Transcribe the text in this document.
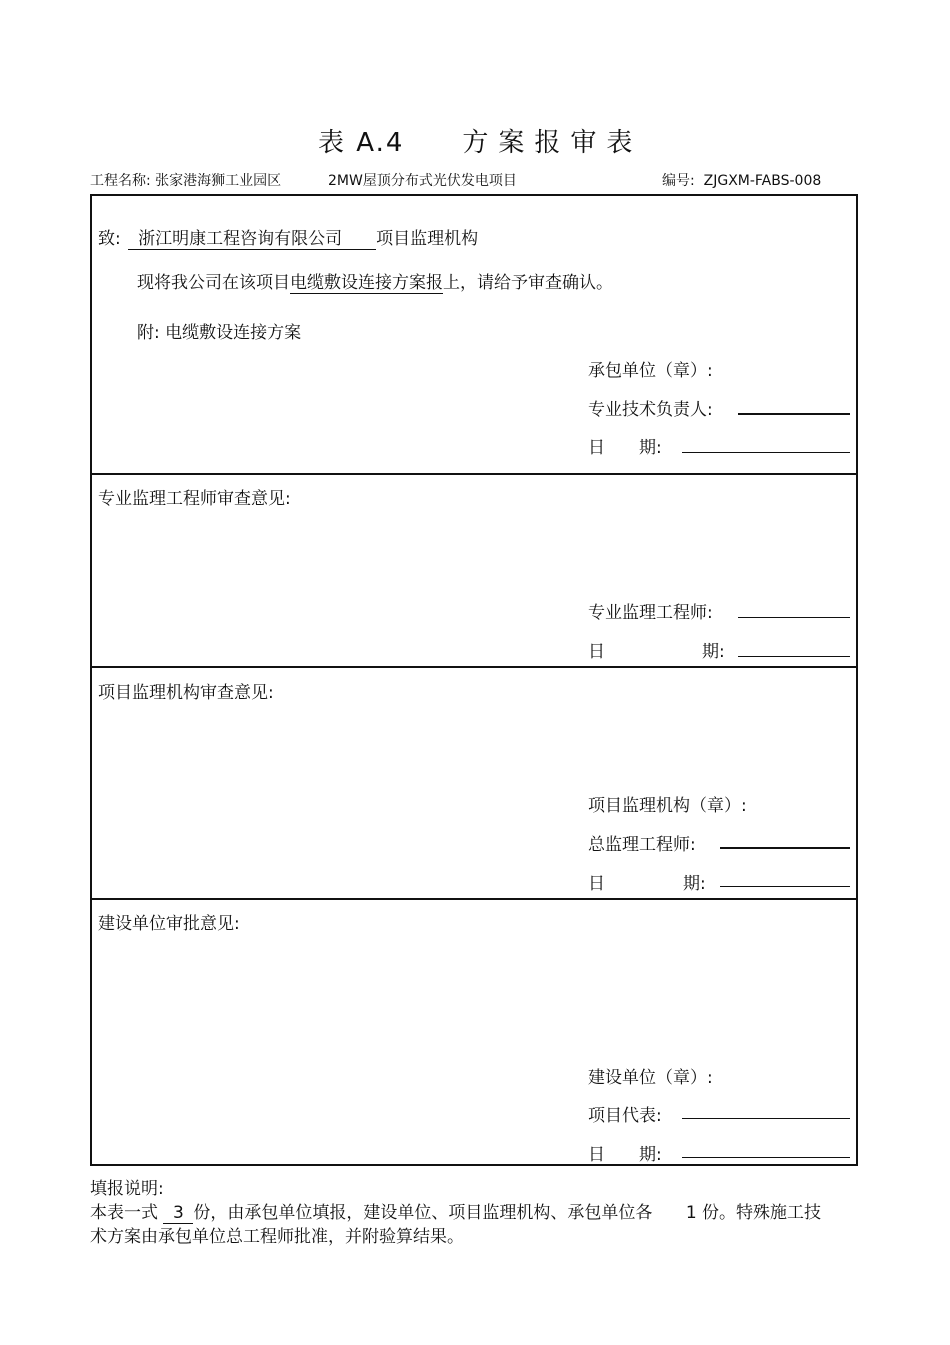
表 A.4 方案报审表
工程名称: 张家港海狮工业园区	2MW屋顶分布式光伏发电项目	编号: ZJGXM-FABS-008
致: 浙江明康工程咨询有限公司 项目监理机构
现将我公司在该项目电缆敷设连接方案报上，请给予审查确认。
附: 电缆敷设连接方案
承包单位（章）:
专业技术负责人:
日　　期:
专业监理工程师审查意见:
专业监理工程师:
日	期:
项目监理机构审查意见:
项目监理机构（章）:
总监理工程师:
日	期:
建设单位审批意见:
建设单位（章）:
项目代表:
日　　期:
填报说明:
本表一式 3 份，由承包单位填报，建设单位、项目监理机构、承包单位各 1 份。特殊施工技
术方案由承包单位总工程师批准，并附验算结果。
